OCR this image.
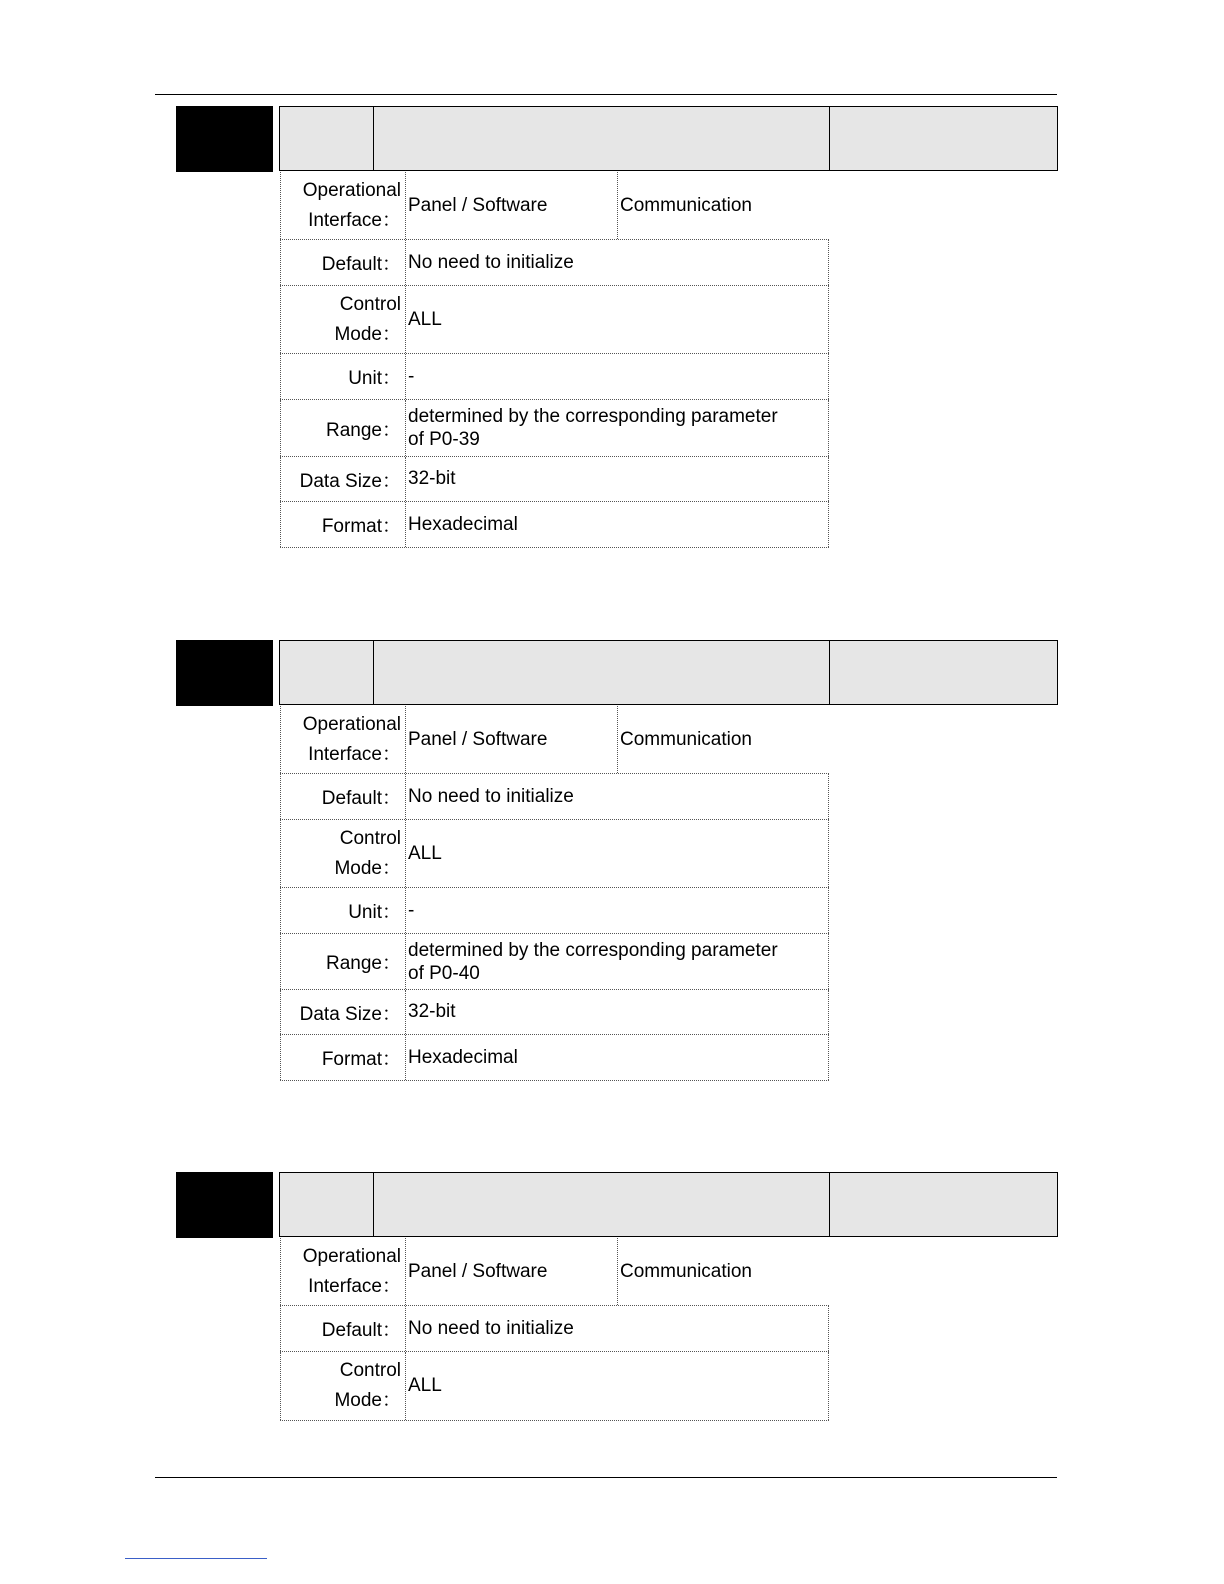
Operational
Interface：
Panel / Software	Communication
Default： No need to initialize
Control
Mode：
ALL
Unit： -
Range：
determined by the corresponding parameter
of P0-39
Data Size： 32-bit
Format： Hexadecimal
Operational
Interface：
Panel / Software	Communication
Default： No need to initialize
Control
Mode：
ALL
Unit： -
Range：
determined by the corresponding parameter
of P0-40
Data Size： 32-bit
Format： Hexadecimal
Operational
Interface：
Panel / Software	Communication
Default： No need to initialize
Control
Mode：
ALL
